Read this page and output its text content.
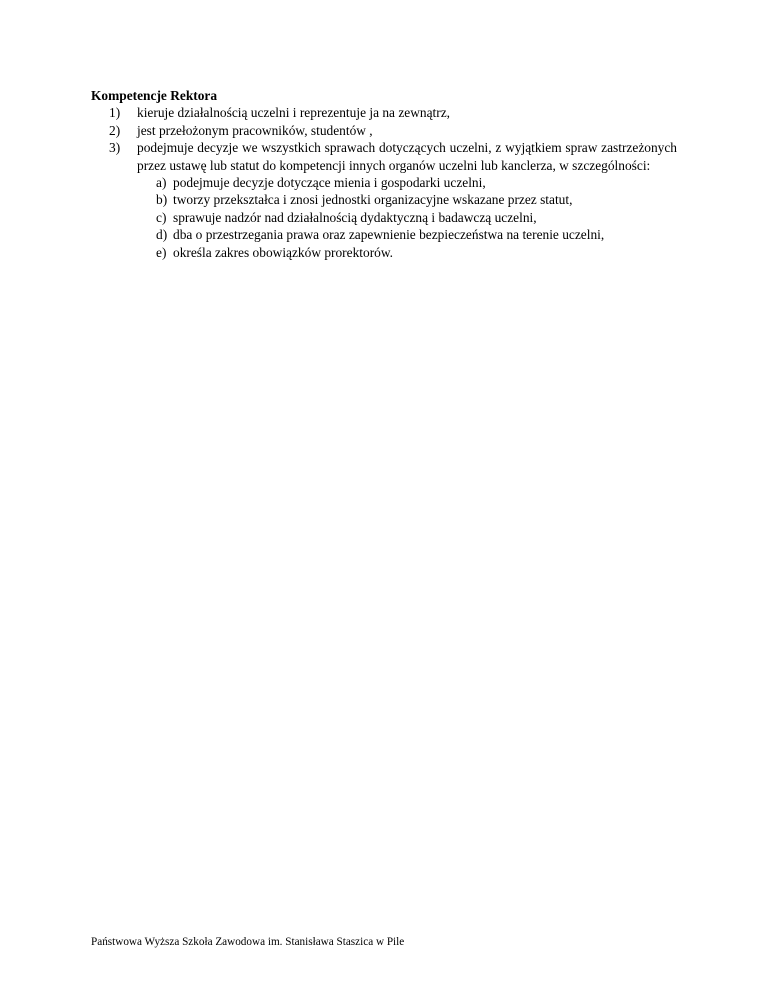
Kompetencje Rektora
1) kieruje działalnością uczelni i reprezentuje ja na zewnątrz,
2) jest przełożonym pracowników, studentów ,
3) podejmuje decyzje we wszystkich sprawach dotyczących uczelni, z wyjątkiem spraw zastrzeżonych przez ustawę lub statut do kompetencji innych organów uczelni lub kanclerza, w szczególności:
a) podejmuje decyzje dotyczące mienia i gospodarki uczelni,
b) tworzy przekształca i znosi jednostki organizacyjne wskazane przez statut,
c) sprawuje nadzór nad działalnością dydaktyczną i badawczą uczelni,
d) dba o przestrzegania prawa oraz zapewnienie bezpieczeństwa na terenie uczelni,
e) określa zakres obowiązków prorektorów.
Państwowa Wyższa Szkoła Zawodowa im. Stanisława Staszica w Pile
